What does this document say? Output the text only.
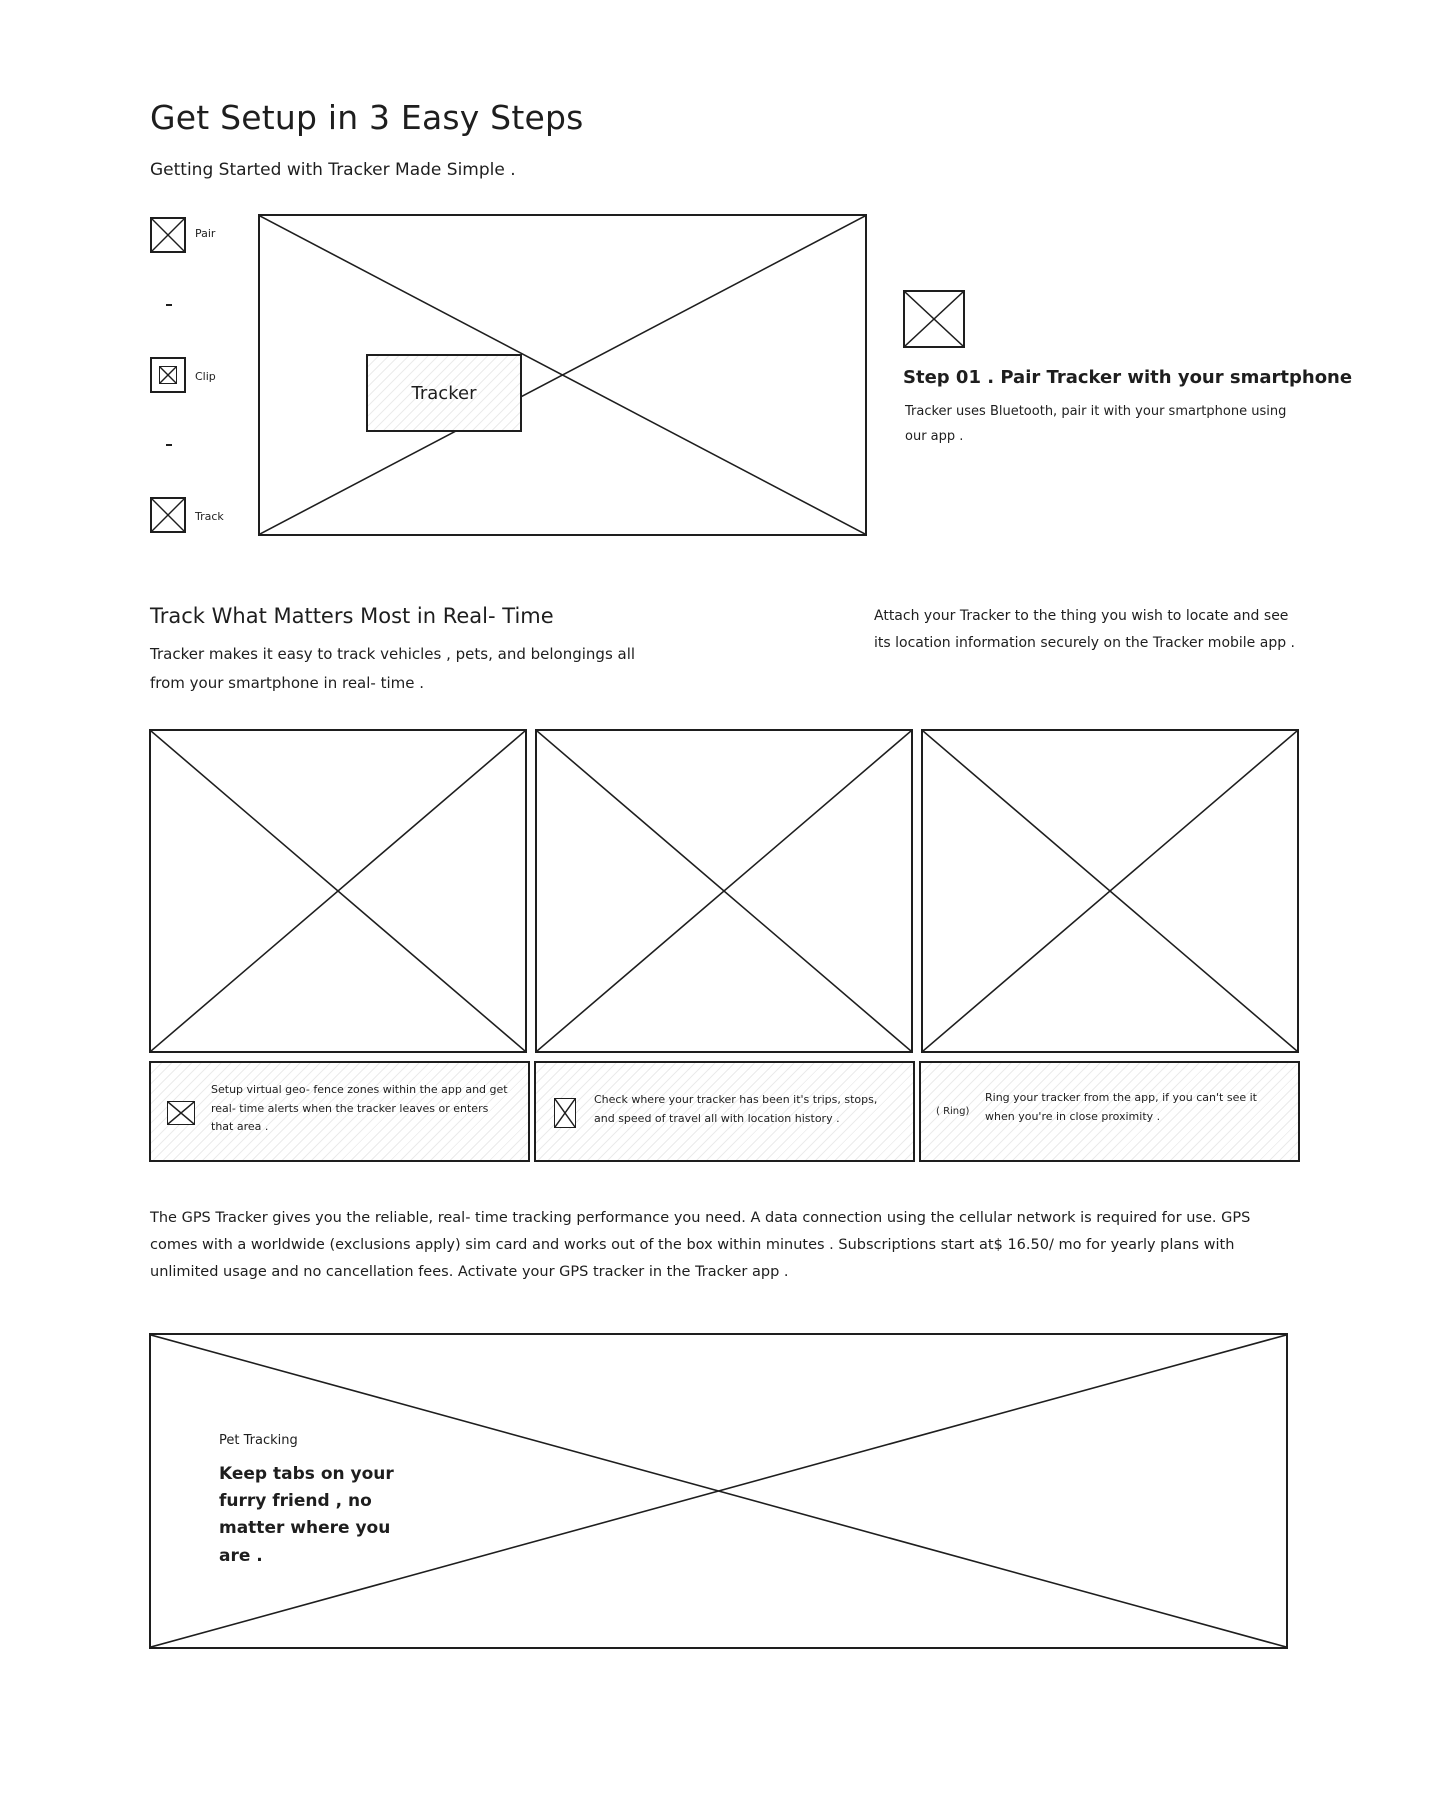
Get Setup in 3 Easy Steps
Getting Started with Tracker Made Simple .
Pair
Clip
Track
Tracker
Step 01 . Pair Tracker with your smartphone
Tracker uses Bluetooth, pair it with your smartphone using our app .
Track What Matters Most in Real- Time
Tracker makes it easy to track vehicles , pets, and belongings all from your smartphone in real- time .
Attach your Tracker to the thing you wish to locate and see its location information securely on the Tracker mobile app .
Setup virtual geo- fence zones within the app and get real- time alerts when the tracker leaves or enters that area .
Check where your tracker has been it's trips, stops, and speed of travel all with location history .
( Ring)
Ring your tracker from the app, if you can't see it when you're in close proximity .
The GPS Tracker gives you the reliable, real- time tracking performance you need. A data connection using the cellular network is required for use. GPS comes with a worldwide (exclusions apply) sim card and works out of the box within minutes . Subscriptions start at$ 16.50/ mo for yearly plans with unlimited usage and no cancellation fees. Activate your GPS tracker in the Tracker app .
Pet Tracking
Keep tabs on your furry friend , no matter where you are .
